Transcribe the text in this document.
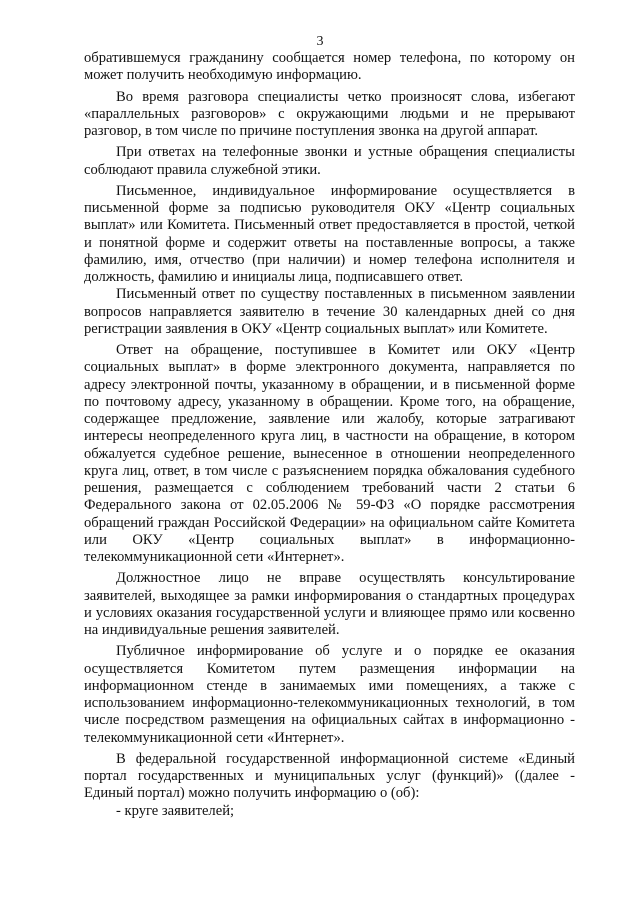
3

обратившемуся гражданину сообщается номер телефона, по которому он может получить необходимую информацию.

Во время разговора специалисты четко произносят слова, избегают «параллельных разговоров» с окружающими людьми и не прерывают разговор, в том числе по причине поступления звонка на другой аппарат.

При ответах на телефонные звонки и устные обращения специалисты соблюдают правила служебной этики.

Письменное, индивидуальное информирование осуществляется в письменной форме за подписью руководителя ОКУ «Центр социальных выплат» или Комитета. Письменный ответ предоставляется в простой, четкой и понятной форме и содержит ответы на поставленные вопросы, а также фамилию, имя, отчество (при наличии) и номер телефона исполнителя и должность, фамилию и инициалы лица, подписавшего ответ.

Письменный ответ по существу поставленных в письменном заявлении вопросов направляется заявителю в течение 30 календарных дней со дня регистрации заявления в ОКУ «Центр социальных выплат» или Комитете.

Ответ на обращение, поступившее в Комитет или ОКУ «Центр социальных выплат» в форме электронного документа, направляется по адресу электронной почты, указанному в обращении, и в письменной форме по почтовому адресу, указанному в обращении. Кроме того, на обращение, содержащее предложение, заявление или жалобу, которые затрагивают интересы неопределенного круга лиц, в частности на обращение, в котором обжалуется судебное решение, вынесенное в отношении неопределенного круга лиц, ответ, в том числе с разъяснением порядка обжалования судебного решения, размещается с соблюдением требований части 2 статьи 6 Федерального закона от 02.05.2006 № 59-ФЗ «О порядке рассмотрения обращений граждан Российской Федерации» на официальном сайте Комитета или ОКУ «Центр социальных выплат» в информационно-телекоммуникационной сети «Интернет».

Должностное лицо не вправе осуществлять консультирование заявителей, выходящее за рамки информирования о стандартных процедурах и условиях оказания государственной услуги и влияющее прямо или косвенно на индивидуальные решения заявителей.

Публичное информирование об услуге и о порядке ее оказания осуществляется Комитетом путем размещения информации на информационном стенде в занимаемых ими помещениях, а также с использованием информационно-телекоммуникационных технологий, в том числе посредством размещения на официальных сайтах в информационно - телекоммуникационной сети «Интернет».

В федеральной государственной информационной системе «Единый портал государственных и муниципальных услуг (функций)» ((далее - Единый портал) можно получить информацию о (об):

- круге заявителей;
